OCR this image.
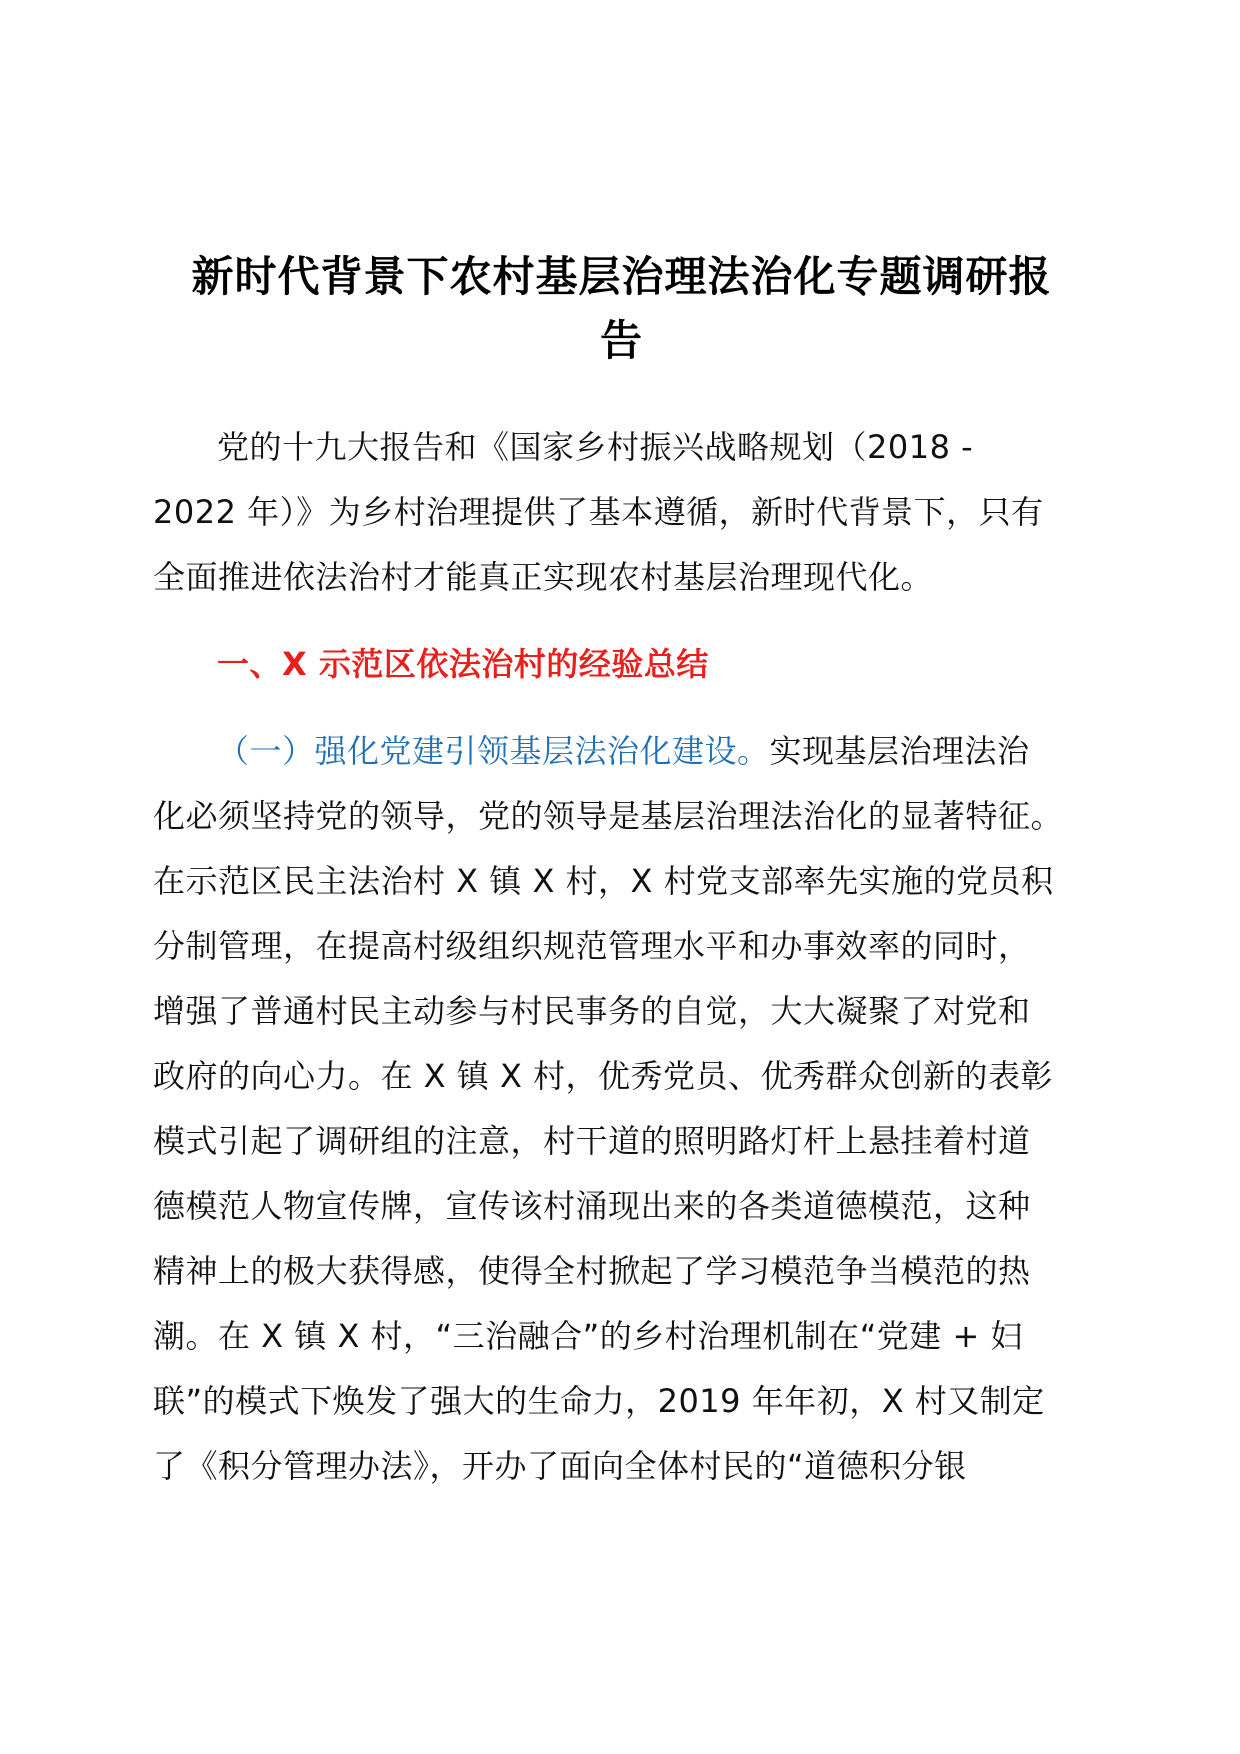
新时代背景下农村基层治理法治化专题调研报
告
党的十九大报告和《国家乡村振兴战略规划（2018 -
2022 年）》为乡村治理提供了基本遵循，新时代背景下，只有
全面推进依法治村才能真正实现农村基层治理现代化。
一、X 示范区依法治村的经验总结
（一）强化党建引领基层法治化建设。实现基层治理法治
化必须坚持党的领导，党的领导是基层治理法治化的显著特征。
在示范区民主法治村 X 镇 X 村，X 村党支部率先实施的党员积
分制管理，在提高村级组织规范管理水平和办事效率的同时，
增强了普通村民主动参与村民事务的自觉，大大凝聚了对党和
政府的向心力。在 X 镇 X 村，优秀党员、优秀群众创新的表彰
模式引起了调研组的注意，村干道的照明路灯杆上悬挂着村道
德模范人物宣传牌，宣传该村涌现出来的各类道德模范，这种
精神上的极大获得感，使得全村掀起了学习模范争当模范的热
潮。在 X 镇 X 村，“三治融合”的乡村治理机制在“党建 + 妇
联”的模式下焕发了强大的生命力，2019 年年初，X 村又制定
了《积分管理办法》，开办了面向全体村民的“道德积分银
